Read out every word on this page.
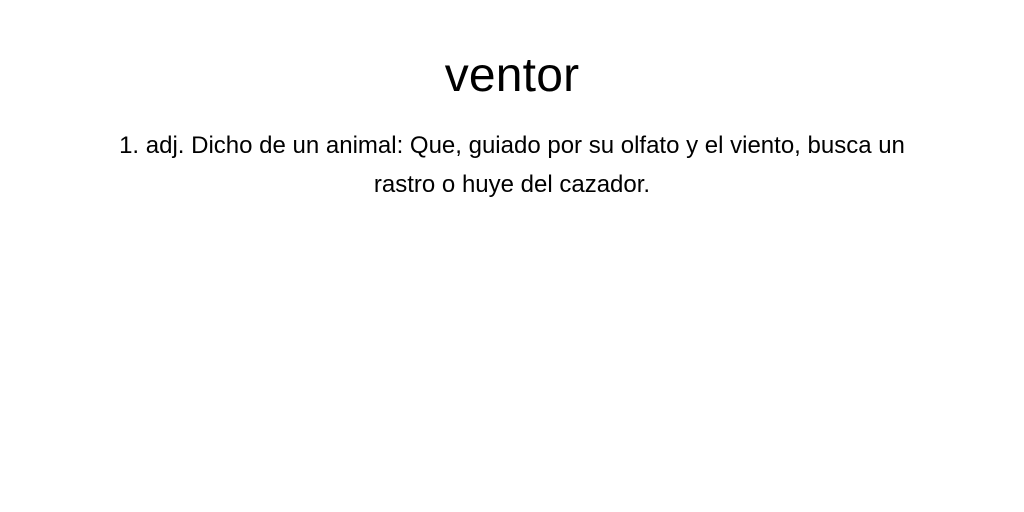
ventor

1. adj. Dicho de un animal: Que, guiado por su olfato y el viento, busca un rastro o huye del cazador.
